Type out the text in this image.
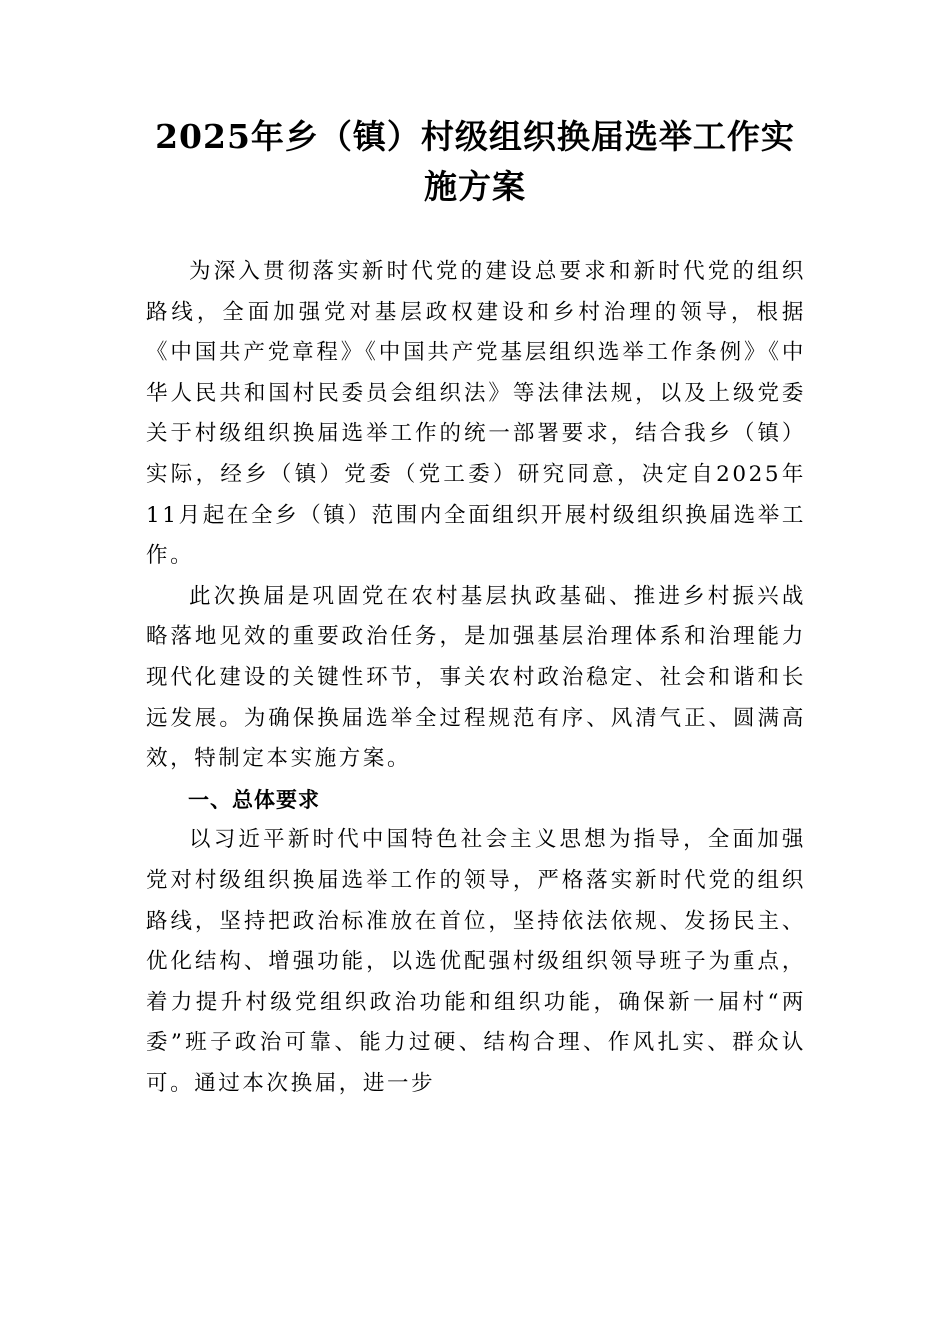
2025年乡（镇）村级组织换届选举工作实施方案

为深入贯彻落实新时代党的建设总要求和新时代党的组织路线，全面加强党对基层政权建设和乡村治理的领导，根据《中国共产党章程》《中国共产党基层组织选举工作条例》《中华人民共和国村民委员会组织法》等法律法规，以及上级党委关于村级组织换届选举工作的统一部署要求，结合我乡（镇）实际，经乡（镇）党委（党工委）研究同意，决定自2025年11月起在全乡（镇）范围内全面组织开展村级组织换届选举工作。

此次换届是巩固党在农村基层执政基础、推进乡村振兴战略落地见效的重要政治任务，是加强基层治理体系和治理能力现代化建设的关键性环节，事关农村政治稳定、社会和谐和长远发展。为确保换届选举全过程规范有序、风清气正、圆满高效，特制定本实施方案。

一、总体要求

以习近平新时代中国特色社会主义思想为指导，全面加强党对村级组织换届选举工作的领导，严格落实新时代党的组织路线，坚持把政治标准放在首位，坚持依法依规、发扬民主、优化结构、增强功能，以选优配强村级组织领导班子为重点，着力提升村级党组织政治功能和组织功能，确保新一届村“两委”班子政治可靠、能力过硬、结构合理、作风扎实、群众认可。通过本次换届，进一步
